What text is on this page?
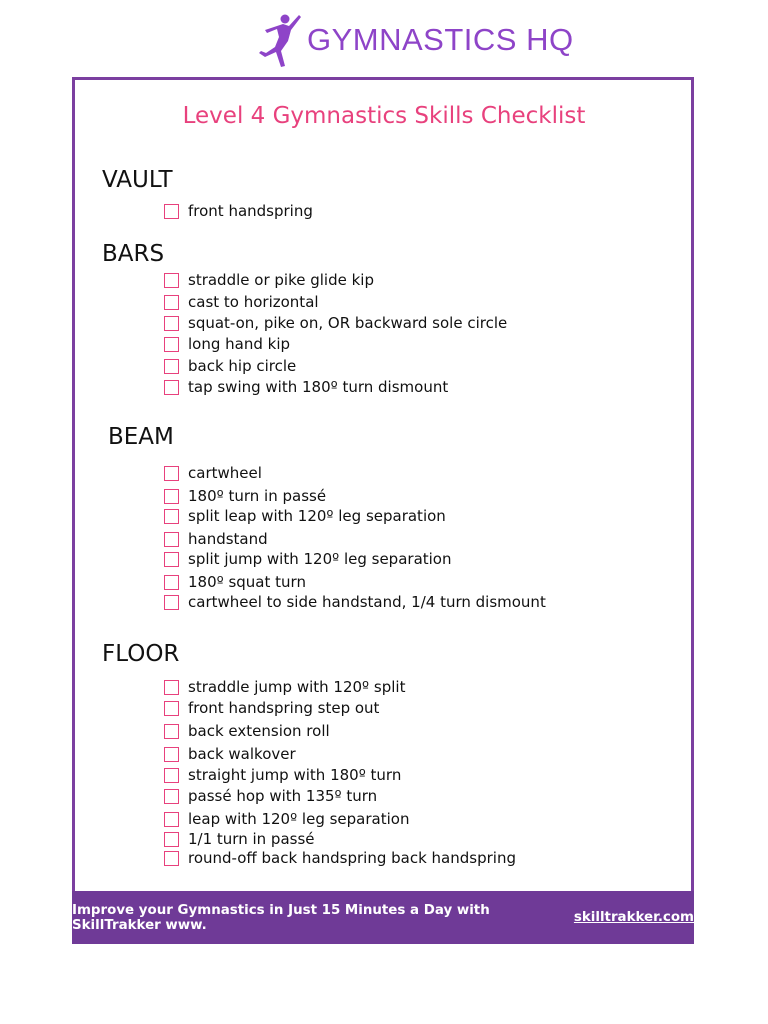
GYMNASTICS HQ
Level 4 Gymnastics Skills Checklist
VAULT
front handspring
BARS
straddle or pike glide kip
cast to horizontal
squat-on, pike on, OR backward sole circle
long hand kip
back hip circle
tap swing with 180º turn dismount
BEAM
cartwheel
180º turn in passé
split leap with 120º leg separation
handstand
split jump with 120º leg separation
180º squat turn
cartwheel to side handstand, 1/4 turn dismount
FLOOR
straddle jump with 120º split
front handspring step out
back extension roll
back walkover
straight jump with 180º turn
passé hop with 135º turn
leap with 120º leg separation
1/1 turn in passé
round-off back handspring back handspring
Improve your Gymnastics in Just 15 Minutes a Day with SkillTrakker www.	skilltrakker.com
